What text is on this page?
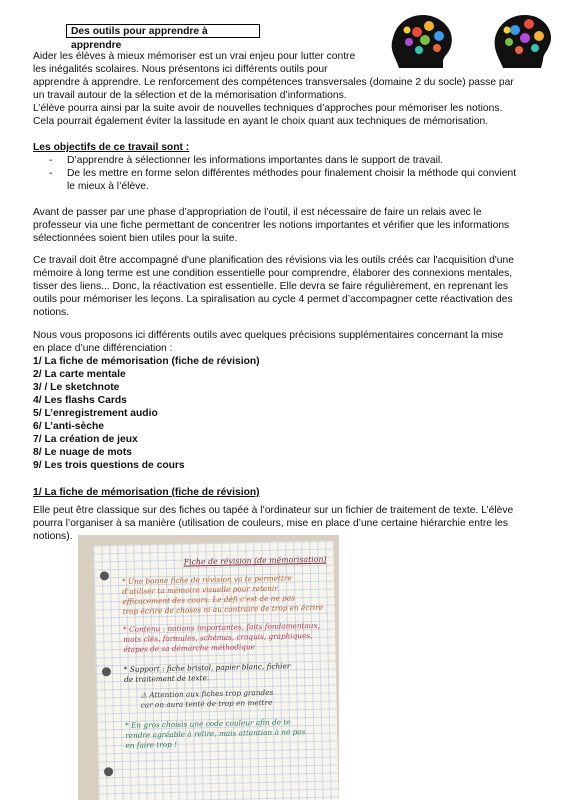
Des outils pour apprendre à apprendre
Aider les élèves à mieux mémoriser est un vrai enjeu pour lutter contre
les inégalités scolaires. Nous présentons ici différents outils pour
apprendre à apprendre. Le renforcement des compétences transversales (domaine 2 du socle) passe par
un travail autour de la sélection et de la mémorisation d’informations.
L’élève pourra ainsi par la suite avoir de nouvelles techniques d’approches pour mémoriser les notions.
Cela pourrait également éviter la lassitude en ayant le choix quant aux techniques de mémorisation.
Les objectifs de ce travail sont :
- D’apprendre à sélectionner les informations importantes dans le support de travail.
- De les mettre en forme selon différentes méthodes pour finalement choisir la méthode qui convient
le mieux à l’élève.
Avant de passer par une phase d’appropriation de l’outil, il est nécessaire de faire un relais avec le
professeur via une fiche permettant de concentrer les notions importantes et vérifier que les informations
sélectionnées soient bien utiles pour la suite.
Ce travail doit être accompagné d'une planification des révisions via les outils créés car l'acquisition d'une
mémoire à long terme est une condition essentielle pour comprendre, élaborer des connexions mentales,
tisser des liens... Donc, la réactivation est essentielle. Elle devra se faire régulièrement, en reprenant les
outils pour mémoriser les leçons. La spiralisation au cycle 4 permet d’accompagner cette réactivation des
notions.
Nous vous proposons ici différents outils avec quelques précisions supplémentaires concernant la mise
en place d’une différenciation :
1/ La fiche de mémorisation (fiche de révision)
2/ La carte mentale
3/ / Le sketchnote
4/ Les flashs Cards
5/ L’enregistrement audio
6/ L’anti-sèche
7/ La création de jeux
8/ Le nuage de mots
9/ Les trois questions de cours
1/ La fiche de mémorisation (fiche de révision)
Elle peut être classique sur des fiches ou tapée à l’ordinateur sur un fichier de traitement de texte. L’élève
pourra l’organiser à sa manière (utilisation de couleurs, mise en place d’une certaine hiérarchie entre les
notions).
Fiche de révision (de mémorisation)
* Une bonne fiche de révision va te permettre
d'utiliser ta mémoire visuelle pour retenir
efficacement des cours. Le défi c'est de ne pas
trop écrire de choses ni au contraire de trop en écrire
* Contenu : notions importantes, faits fondamentaux,
mots clés, formules, schémas, croquis, graphiques,
étapes de sa démarche méthodique
* Support : fiche bristol, papier blanc, fichier
de traitement de texte.
⚠ Attention aux fiches trop grandes
car on aura tenté de trop en mettre
* En gros choisis une code couleur afin de te
rendre agréable à relire, mais attention à ne pas
en faire trop !
